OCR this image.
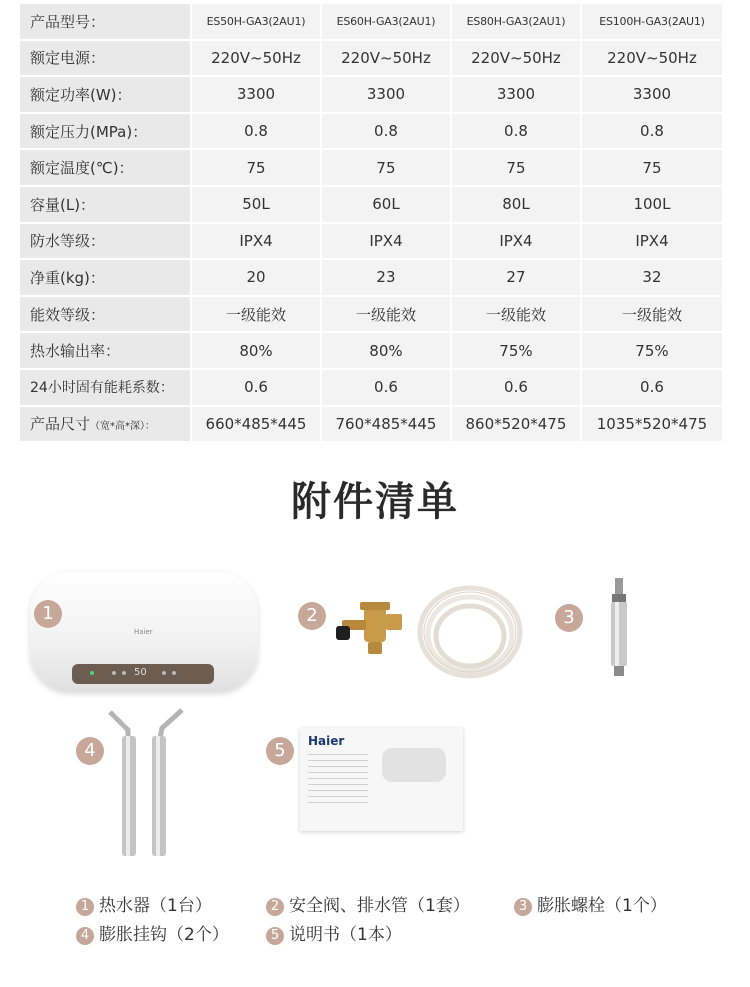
产品型号：	ES50H-GA3(2AU1)	ES60H-GA3(2AU1)	ES80H-GA3(2AU1)	ES100H-GA3(2AU1)
额定电源：	220V~50Hz	220V~50Hz	220V~50Hz	220V~50Hz
额定功率(W)：	3300	3300	3300	3300
额定压力(MPa)：	0.8	0.8	0.8	0.8
额定温度(℃)：	75	75	75	75
容量(L)：	50L	60L	80L	100L
防水等级：	IPX4	IPX4	IPX4	IPX4
净重(kg)：	20	23	27	32
能效等级：	一级能效	一级能效	一级能效	一级能效
热水输出率：	80%	80%	75%	75%
24小时固有能耗系数：	0.6	0.6	0.6	0.6
产品尺寸（宽*高*深）：	660*485*445	760*485*445	860*520*475	1035*520*475
附件清单
Haier
50
1	2	3
4	5	Haier
1 热水器（1台）	2 安全阀、排水管（1套）	3 膨胀螺栓（1个）
4 膨胀挂钩（2个）	5 说明书（1本）
